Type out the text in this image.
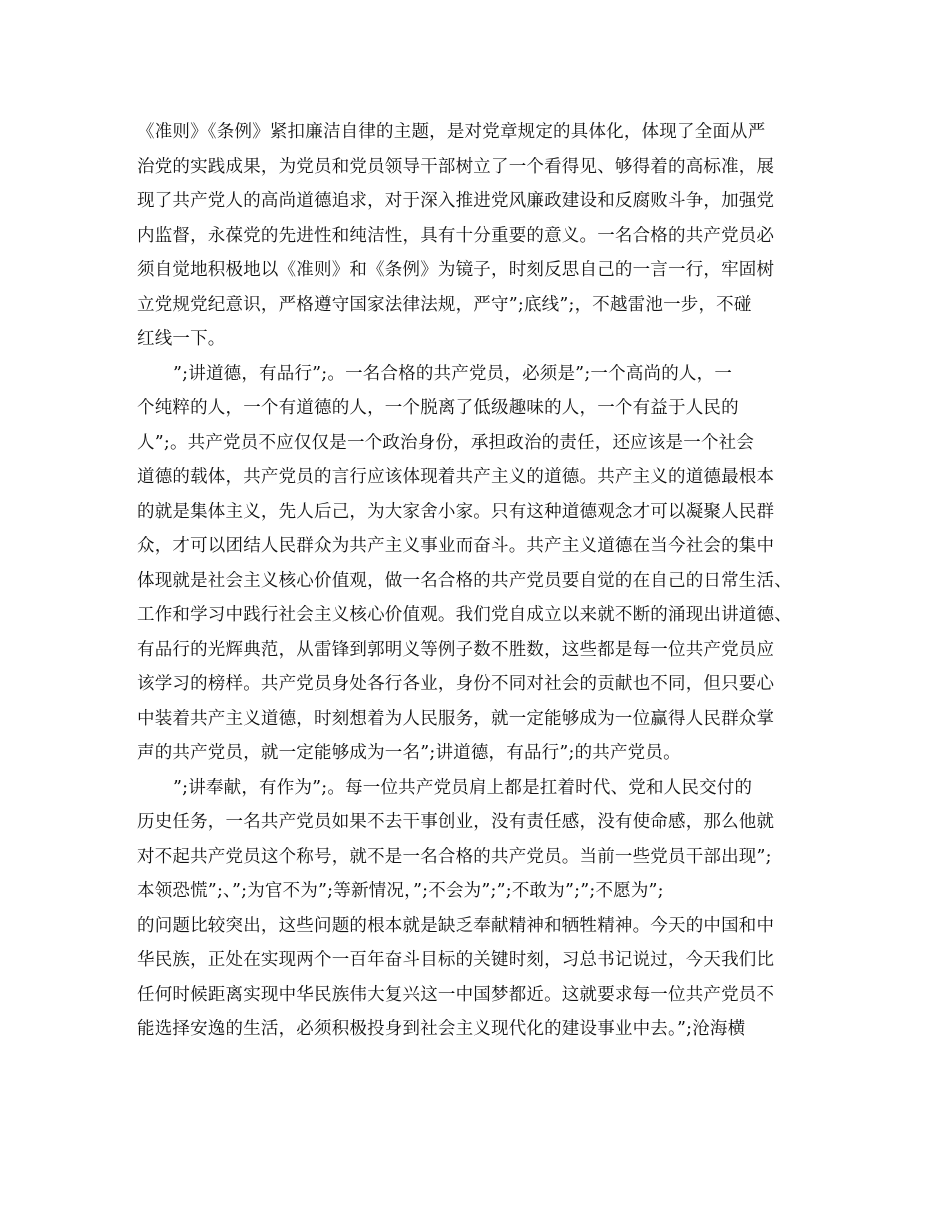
《准则》《条例》紧扣廉洁自律的主题，是对党章规定的具体化，体现了全面从严
治党的实践成果，为党员和党员领导干部树立了一个看得见、够得着的高标准，展
现了共产党人的高尚道德追求，对于深入推进党风廉政建设和反腐败斗争，加强党
内监督，永葆党的先进性和纯洁性，具有十分重要的意义。一名合格的共产党员必
须自觉地积极地以《准则》和《条例》为镜子，时刻反思自己的一言一行，牢固树
立党规党纪意识，严格遵守国家法律法规，严守”;底线”;，不越雷池一步，不碰
红线一下。
”;讲道德，有品行”;。一名合格的共产党员，必须是”;一个高尚的人，一
个纯粹的人，一个有道德的人，一个脱离了低级趣味的人，一个有益于人民的
人”;。共产党员不应仅仅是一个政治身份，承担政治的责任，还应该是一个社会
道德的载体，共产党员的言行应该体现着共产主义的道德。共产主义的道德最根本
的就是集体主义，先人后己，为大家舍小家。只有这种道德观念才可以凝聚人民群
众，才可以团结人民群众为共产主义事业而奋斗。共产主义道德在当今社会的集中
体现就是社会主义核心价值观，做一名合格的共产党员要自觉的在自己的日常生活、
工作和学习中践行社会主义核心价值观。我们党自成立以来就不断的涌现出讲道德、
有品行的光辉典范，从雷锋到郭明义等例子数不胜数，这些都是每一位共产党员应
该学习的榜样。共产党员身处各行各业，身份不同对社会的贡献也不同，但只要心
中装着共产主义道德，时刻想着为人民服务，就一定能够成为一位赢得人民群众掌
声的共产党员，就一定能够成为一名”;讲道德，有品行”;的共产党员。
”;讲奉献，有作为”;。每一位共产党员肩上都是扛着时代、党和人民交付的
历史任务，一名共产党员如果不去干事创业，没有责任感，没有使命感，那么他就
对不起共产党员这个称号，就不是一名合格的共产党员。当前一些党员干部出现”;
本领恐慌”;、”;为官不为”;等新情况，”;不会为”;”;不敢为”;”;不愿为”;
的问题比较突出，这些问题的根本就是缺乏奉献精神和牺牲精神。今天的中国和中
华民族，正处在实现两个一百年奋斗目标的关键时刻，习总书记说过，今天我们比
任何时候距离实现中华民族伟大复兴这一中国梦都近。这就要求每一位共产党员不
能选择安逸的生活，必须积极投身到社会主义现代化的建设事业中去。”;沧海横
